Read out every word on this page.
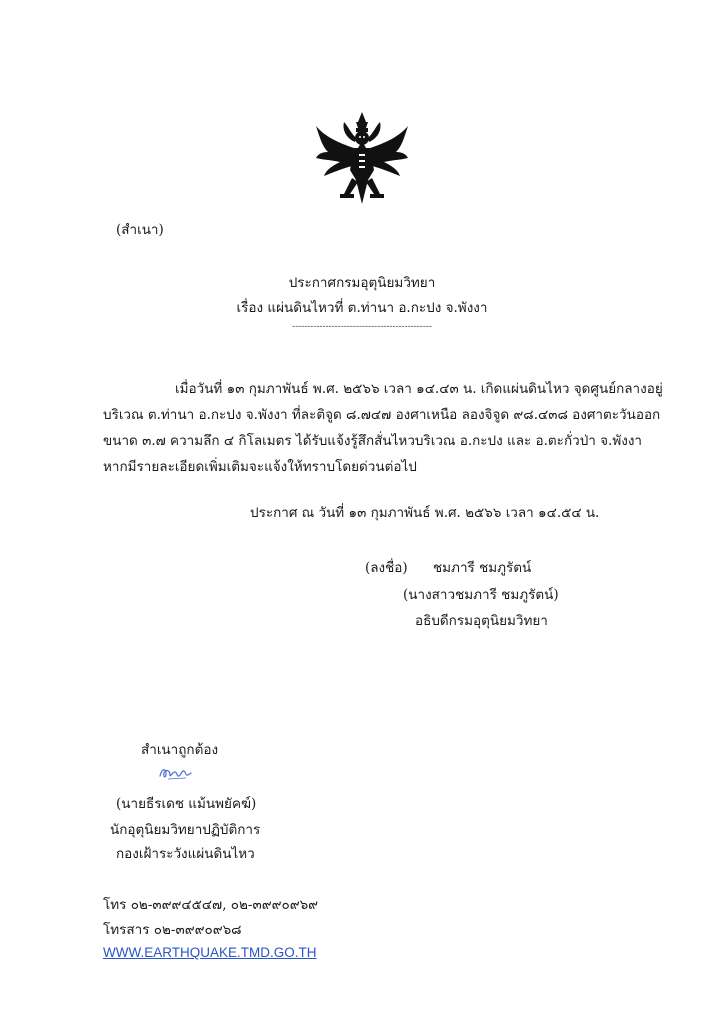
(สำเนา)
ประกาศกรมอุตุนิยมวิทยา
เรื่อง แผ่นดินไหวที่ ต.ท่านา อ.กะปง จ.พังงา
----------------------------------------------
เมื่อวันที่ ๑๓ กุมภาพันธ์ พ.ศ. ๒๕๖๖ เวลา ๑๔.๔๓ น. เกิดแผ่นดินไหว จุดศูนย์กลางอยู่
บริเวณ ต.ท่านา อ.กะปง จ.พังงา ที่ละติจูด ๘.๗๔๗ องศาเหนือ ลองจิจูด ๙๘.๔๓๘ องศาตะวันออก
ขนาด ๓.๗ ความลึก ๔ กิโลเมตร ได้รับแจ้งรู้สึกสั่นไหวบริเวณ อ.กะปง และ อ.ตะกั่วป่า จ.พังงา
หากมีรายละเอียดเพิ่มเติมจะแจ้งให้ทราบโดยด่วนต่อไป
ประกาศ ณ วันที่ ๑๓ กุมภาพันธ์ พ.ศ. ๒๕๖๖ เวลา ๑๔.๕๔ น.
(ลงชื่อ) ชมภารี ชมภูรัตน์
(นางสาวชมภารี ชมภูรัตน์)
อธิบดีกรมอุตุนิยมวิทยา
สำเนาถูกต้อง
(นายธีรเดช แม้นพยัคฆ์)
นักอุตุนิยมวิทยาปฏิบัติการ
กองเฝ้าระวังแผ่นดินไหว
โทร ๐๒-๓๙๙๔๕๔๗, ๐๒-๓๙๙๐๙๖๙
โทรสาร ๐๒-๓๙๙๐๙๖๘
WWW.EARTHQUAKE.TMD.GO.TH
